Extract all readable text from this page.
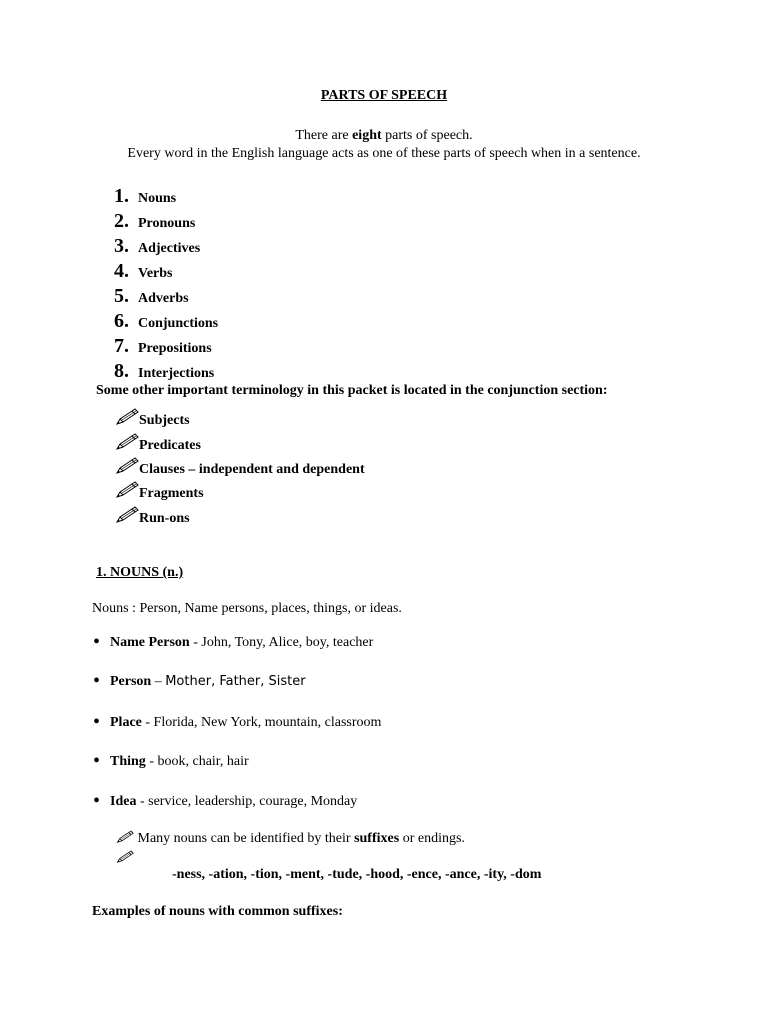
PARTS OF SPEECH
There are eight parts of speech.
Every word in the English language acts as one of these parts of speech when in a sentence.
1. Nouns
2. Pronouns
3. Adjectives
4. Verbs
5. Adverbs
6. Conjunctions
7. Prepositions
8. Interjections
Some other important terminology in this packet is located in the conjunction section:
Subjects
Predicates
Clauses – independent and dependent
Fragments
Run-ons
1. NOUNS (n.)
Nouns : Person, Name persons, places, things, or ideas.
• Name Person - John, Tony, Alice, boy, teacher
• Person – Mother, Father, Sister
• Place - Florida, New York, mountain, classroom
• Thing - book, chair, hair
• Idea - service, leadership, courage, Monday
Many nouns can be identified by their suffixes or endings.
-ness, -ation, -tion, -ment, -tude, -hood, -ence, -ance, -ity, -dom
Examples of nouns with common suffixes:
